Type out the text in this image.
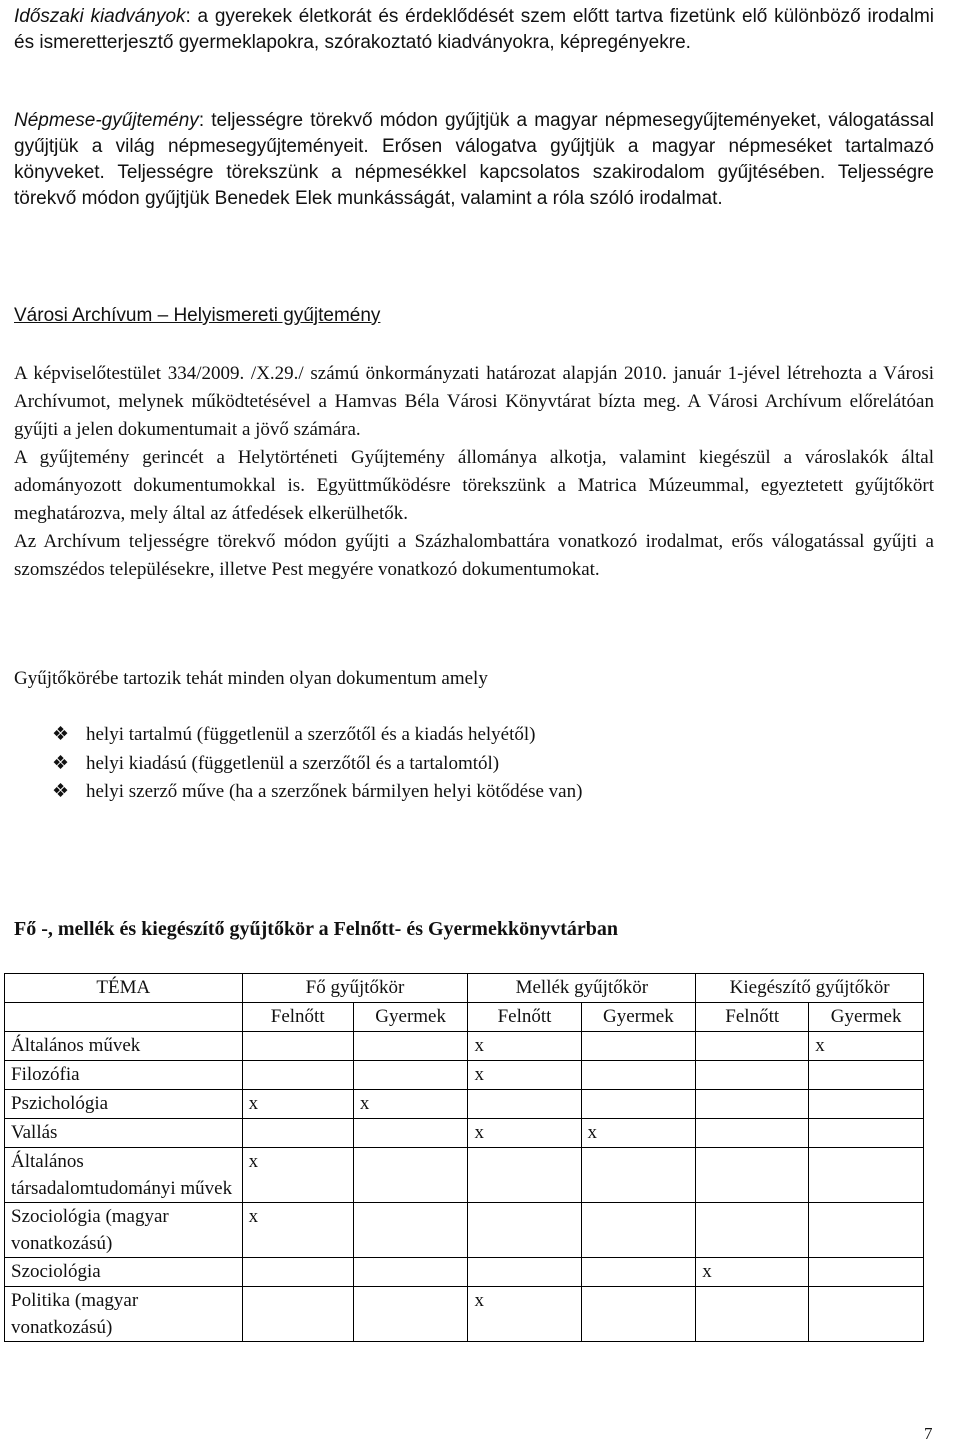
Időszaki kiadványok: a gyerekek életkorát és érdeklődését szem előtt tartva fizetünk elő különböző irodalmi és ismeretterjesztő gyermeklapokra, szórakoztató kiadványokra, képregényekre.
Népmese-gyűjtemény: teljességre törekvő módon gyűjtjük a magyar népmesegyűjteményeket, válogatással gyűjtjük a világ népmesegyűjteményeit. Erősen válogatva gyűjtjük a magyar népmeséket tartalmazó könyveket. Teljességre törekszünk a népmesékkel kapcsolatos szakirodalom gyűjtésében. Teljességre törekvő módon gyűjtjük Benedek Elek munkásságát, valamint a róla szóló irodalmat.
Városi Archívum – Helyismereti gyűjtemény
A képviselőtestület 334/2009. /X.29./ számú önkormányzati határozat alapján 2010. január 1-jével létrehozta a Városi Archívumot, melynek működtetésével a Hamvas Béla Városi Könyvtárat bízta meg. A Városi Archívum előrelátóan gyűjti a jelen dokumentumait a jövő számára.
A gyűjtemény gerincét a Helytörténeti Gyűjtemény állománya alkotja, valamint kiegészül a városlakók által adományozott dokumentumokkal is. Együttműködésre törekszünk a Matrica Múzeummal, egyeztetett gyűjtőkört meghatározva, mely által az átfedések elkerülhetők.
Az Archívum teljességre törekvő módon gyűjti a Százhalombattára vonatkozó irodalmat, erős válogatással gyűjti a szomszédos településekre, illetve Pest megyére vonatkozó dokumentumokat.
Gyűjtőkörébe tartozik tehát minden olyan dokumentum amely
❖ helyi tartalmú (függetlenül a szerzőtől és a kiadás helyétől)
❖ helyi kiadású (függetlenül a szerzőtől és a tartalomtól)
❖ helyi szerző műve (ha a szerzőnek bármilyen helyi kötődése van)
Fő -, mellék és kiegészítő gyűjtőkör a Felnőtt- és Gyermekkönyvtárban
TÉMA	Fő gyűjtőkör		Mellék gyűjtőkör		Kiegészítő gyűjtőkör	
	Felnőtt	Gyermek	Felnőtt	Gyermek	Felnőtt	Gyermek
Általános művek			x			x
Filozófia			x			
Pszichológia	x	x				
Vallás			x	x		
Általános társadalomtudományi művek	x					
Szociológia (magyar vonatkozású)	x					
Szociológia					x	
Politika (magyar vonatkozású)			x			
7
